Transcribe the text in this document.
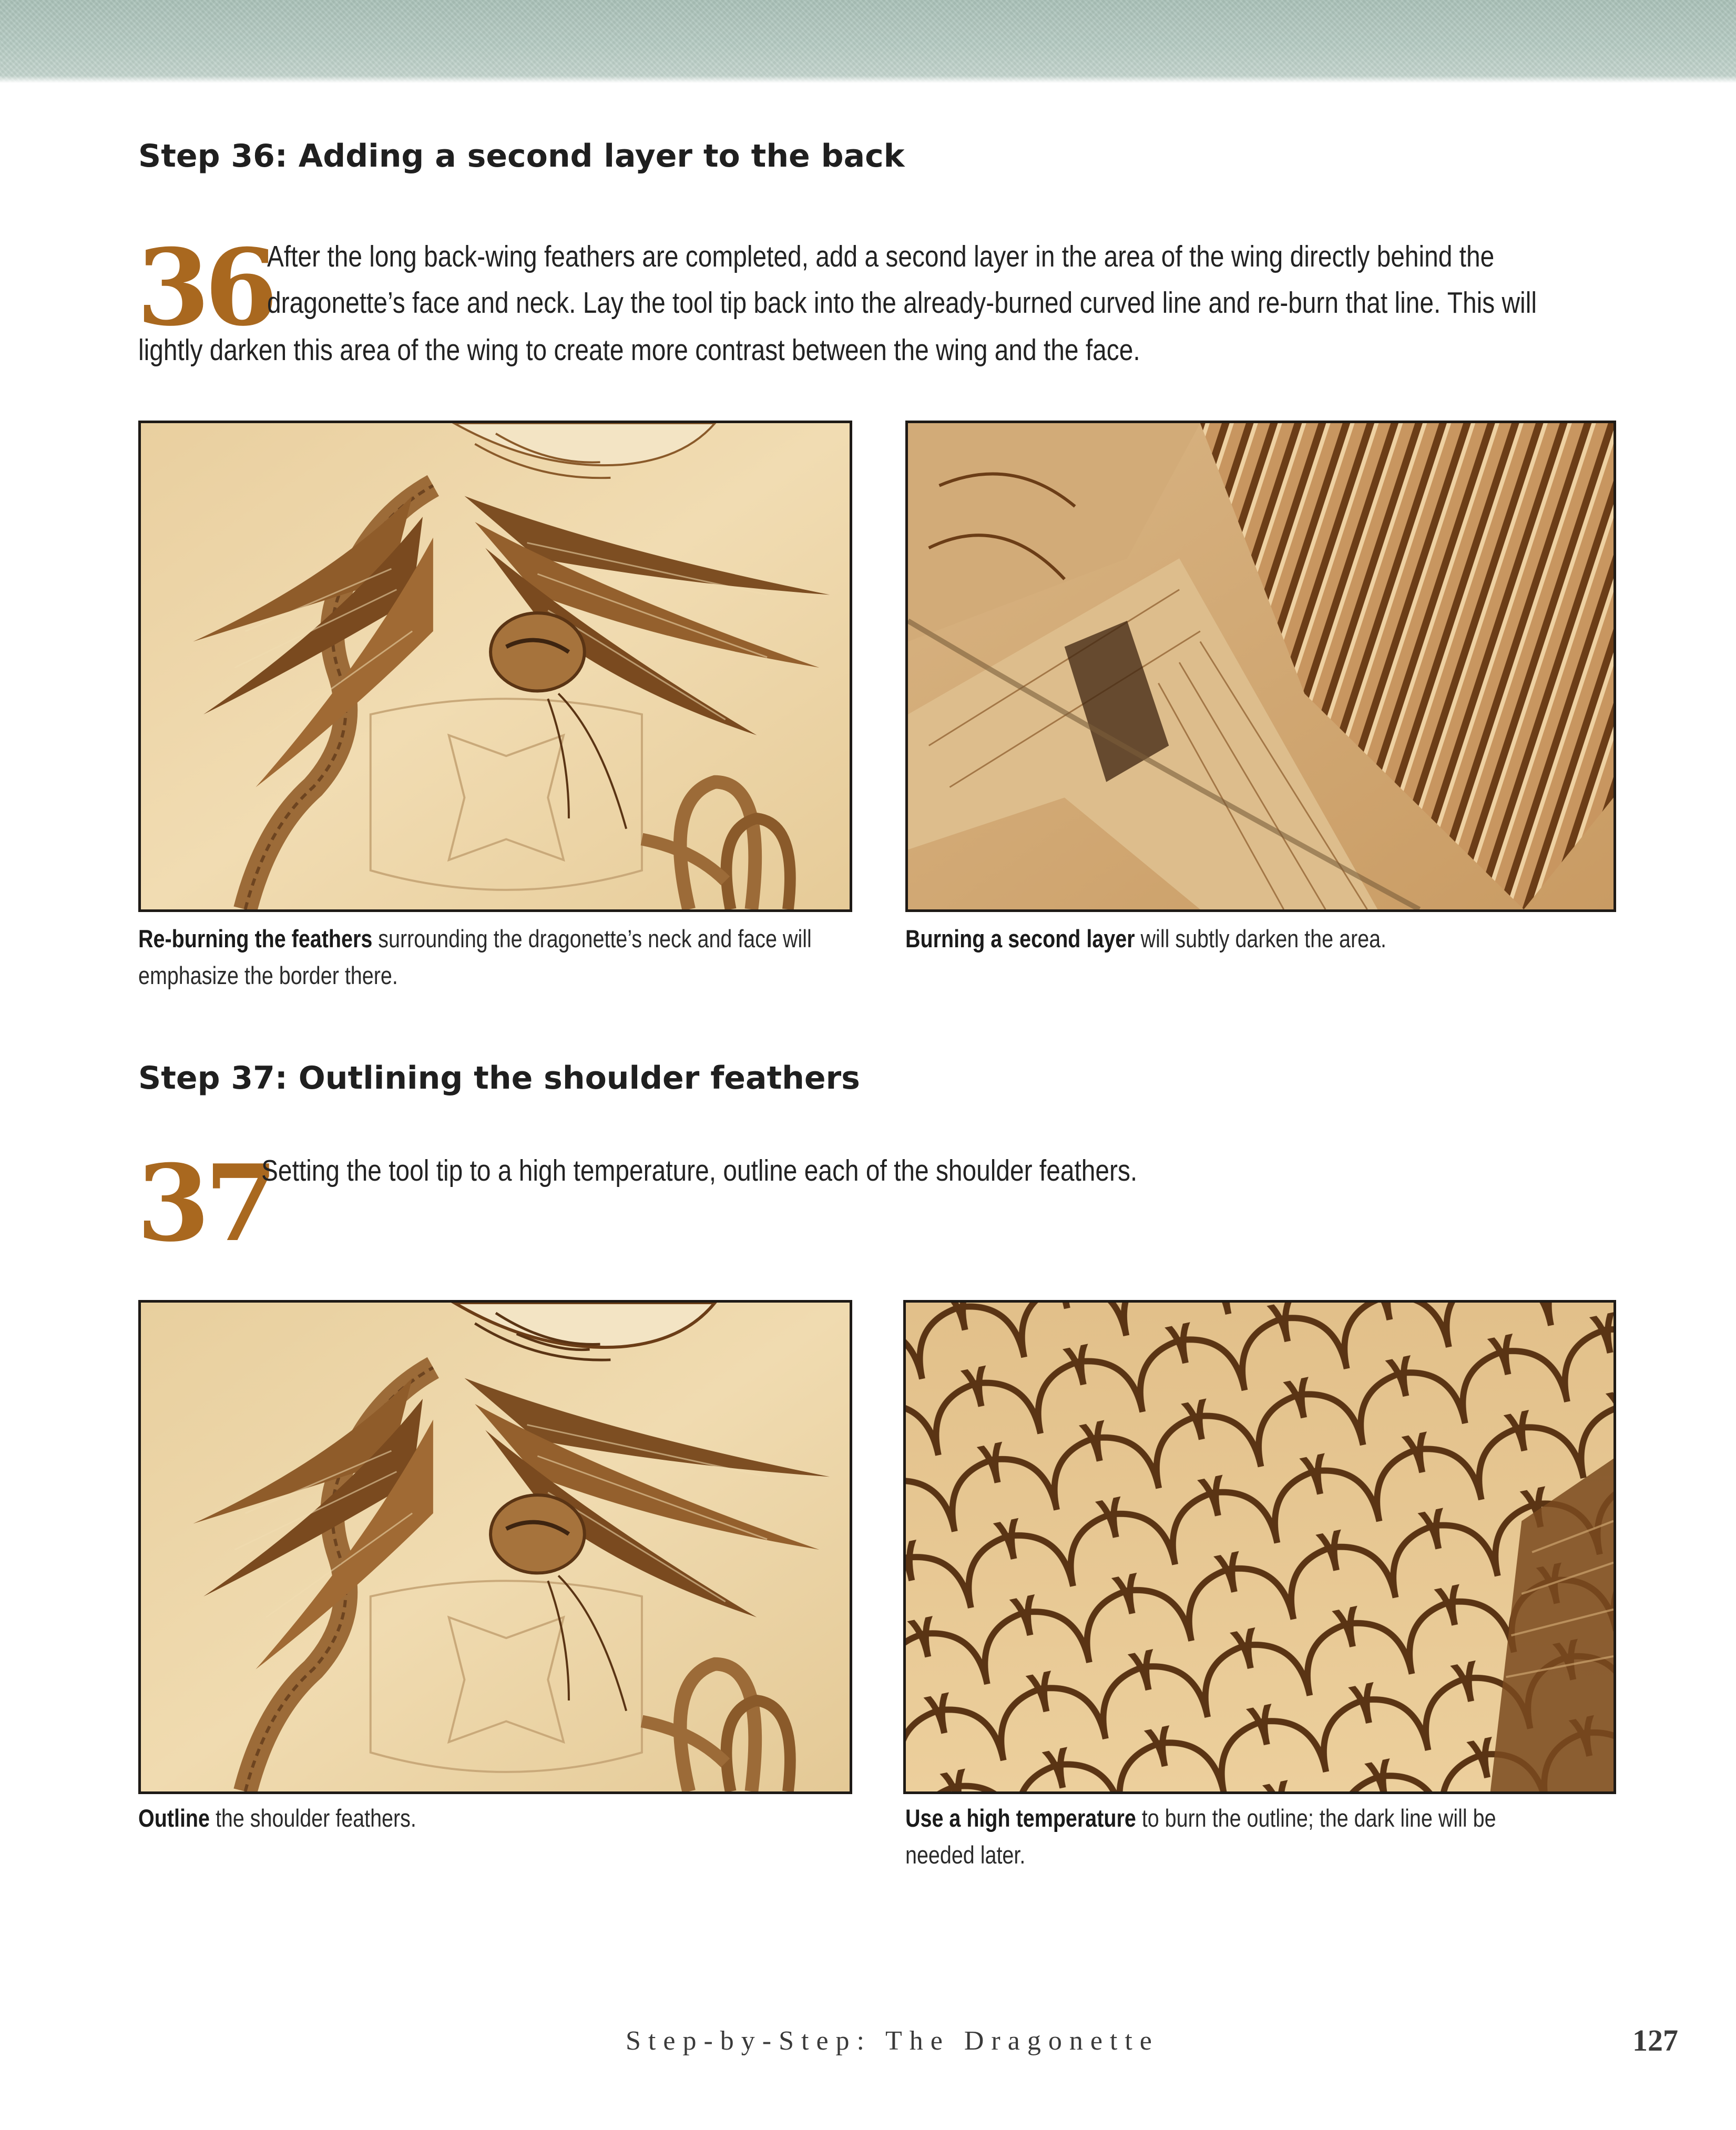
Step 36: Adding a second layer to the back
36
After the long back-wing feathers are completed, add a second layer in the area of the wing directly behind the
dragonette’s face and neck. Lay the tool tip back into the already-burned curved line and re-burn that line. This will
lightly darken this area of the wing to create more contrast between the wing and the face.
Re-burning the feathers surrounding the dragonette’s neck and face will
emphasize the border there.
Burning a second layer will subtly darken the area.
Step 37: Outlining the shoulder feathers
37
Setting the tool tip to a high temperature, outline each of the shoulder feathers.
Outline the shoulder feathers.	Use a high temperature to burn the outline; the dark line will be
needed later.
Step-by-Step: The Dragonette	127
